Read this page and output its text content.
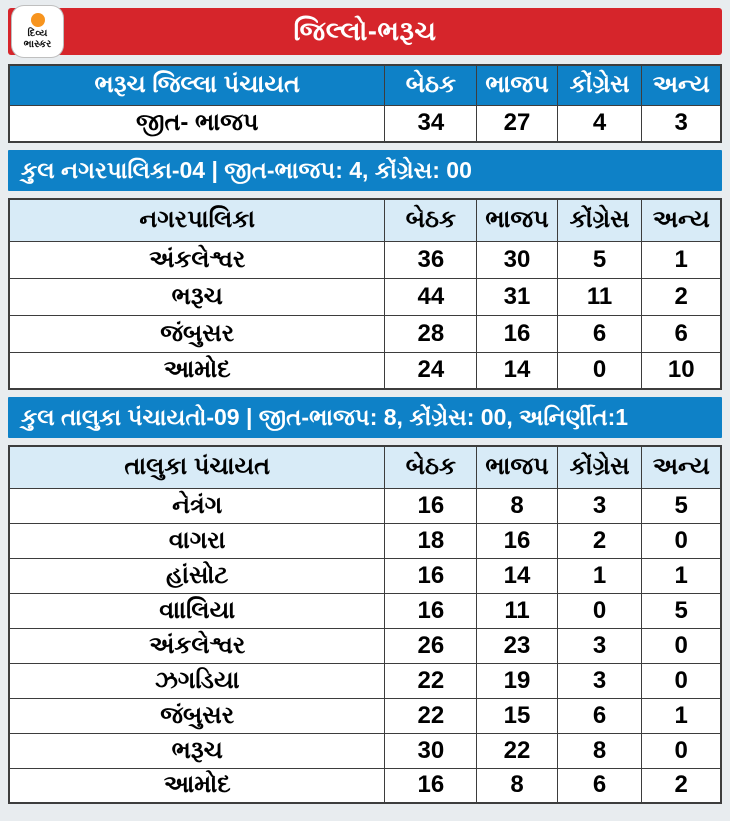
દિવ્ય
ભાસ્કર	જિલ્લો-ભરૂચ
ભરૂચ જિલ્લા પંચાયત	બેઠક	ભાજપ	કોંગ્રેસ	અન્ય
જીત- ભાજપ	34	27	4	3
કુલ નગરપાલિકા-04 | જીત-ભાજપ: 4, કોંગ્રેસ: 00
નગરપાલિકા	બેઠક	ભાજપ	કોંગ્રેસ	અન્ય
અંકલેશ્વર	36	30	5	1
ભરૂચ	44	31	11	2
જંબુસર	28	16	6	6
આમોદ	24	14	0	10
કુલ તાલુકા પંચાયતો-09 | જીત-ભાજપ: 8, કોંગ્રેસ: 00, અનિર્ણીત:1
તાલુકા પંચાયત	બેઠક	ભાજપ	કોંગ્રેસ	અન્ય
નેત્રંગ	16	8	3	5
વાગરા	18	16	2	0
હાંસોટ	16	14	1	1
વાાલિયા	16	11	0	5
અંકલેશ્વર	26	23	3	0
ઝગડિયા	22	19	3	0
જંબુસર	22	15	6	1
ભરૂચ	30	22	8	0
આમોદ	16	8	6	2
